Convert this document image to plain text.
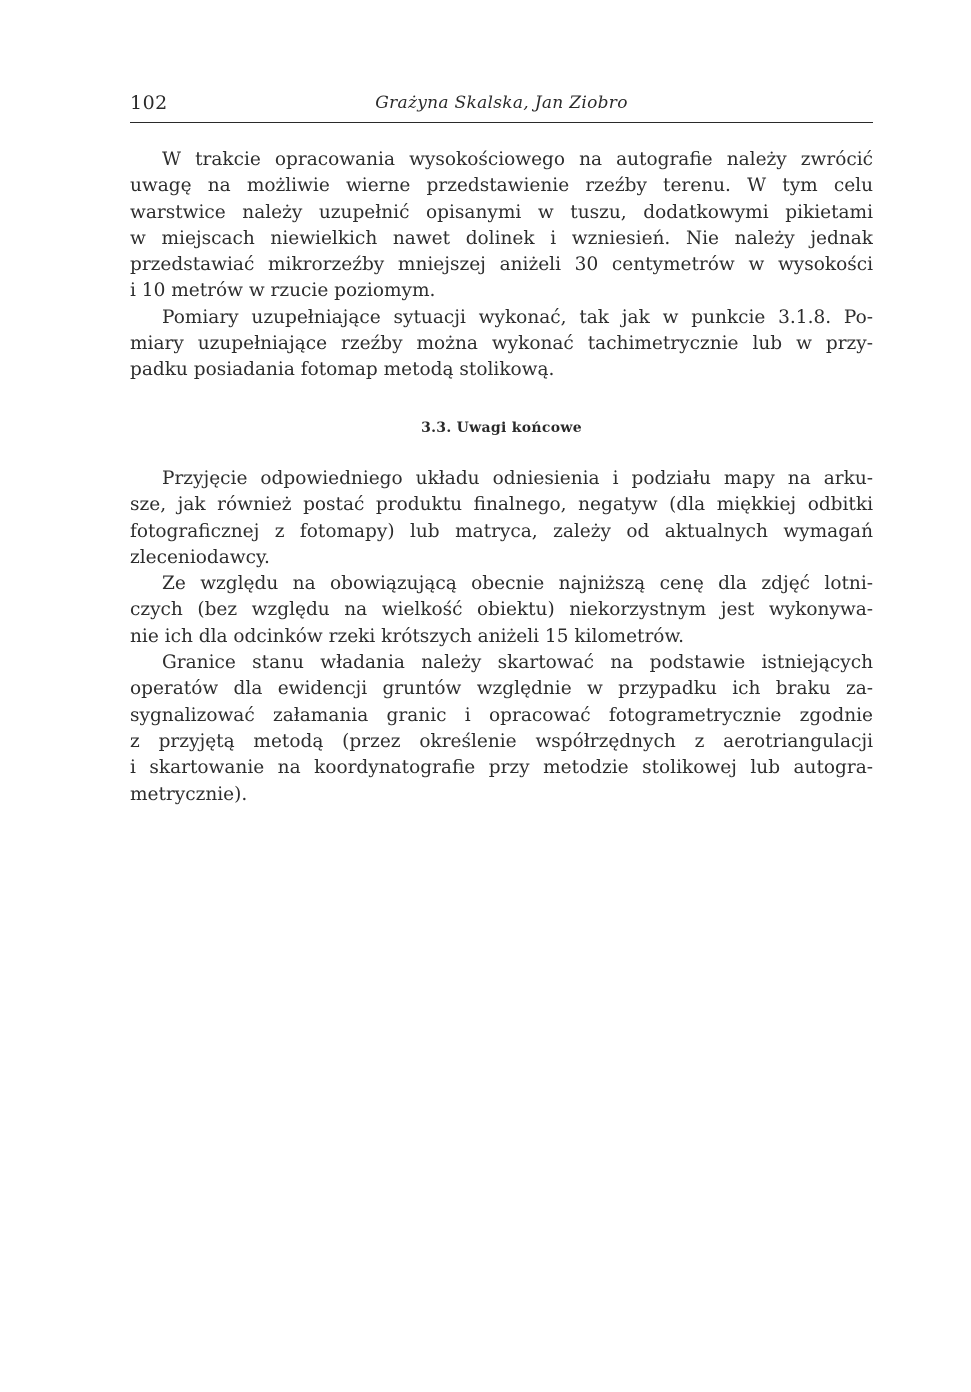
102	Grażyna Skalska, Jan Ziobro
W trakcie opracowania wysokościowego na autografie należy zwrócić
uwagę na możliwie wierne przedstawienie rzeźby terenu. W tym celu
warstwice należy uzupełnić opisanymi w tuszu, dodatkowymi pikietami
w miejscach niewielkich nawet dolinek i wzniesień. Nie należy jednak
przedstawiać mikrorzeźby mniejszej aniżeli 30 centymetrów w wysokości
i 10 metrów w rzucie poziomym.
Pomiary uzupełniające sytuacji wykonać, tak jak w punkcie 3.1.8. Po-
miary uzupełniające rzeźby można wykonać tachimetrycznie lub w przy-
padku posiadania fotomap metodą stolikową.
3.3. Uwagi końcowe
Przyjęcie odpowiedniego układu odniesienia i podziału mapy na arku-
sze, jak również postać produktu finalnego, negatyw (dla miękkiej odbitki
fotograficznej z fotomapy) lub matryca, zależy od aktualnych wymagań
zleceniodawcy.
Ze względu na obowiązującą obecnie najniższą cenę dla zdjęć lotni-
czych (bez względu na wielkość obiektu) niekorzystnym jest wykonywa-
nie ich dla odcinków rzeki krótszych aniżeli 15 kilometrów.
Granice stanu władania należy skartować na podstawie istniejących
operatów dla ewidencji gruntów względnie w przypadku ich braku za-
sygnalizować załamania granic i opracować fotogrametrycznie zgodnie
z przyjętą metodą (przez określenie współrzędnych z aerotriangulacji
i skartowanie na koordynatografie przy metodzie stolikowej lub autogra-
metrycznie).
